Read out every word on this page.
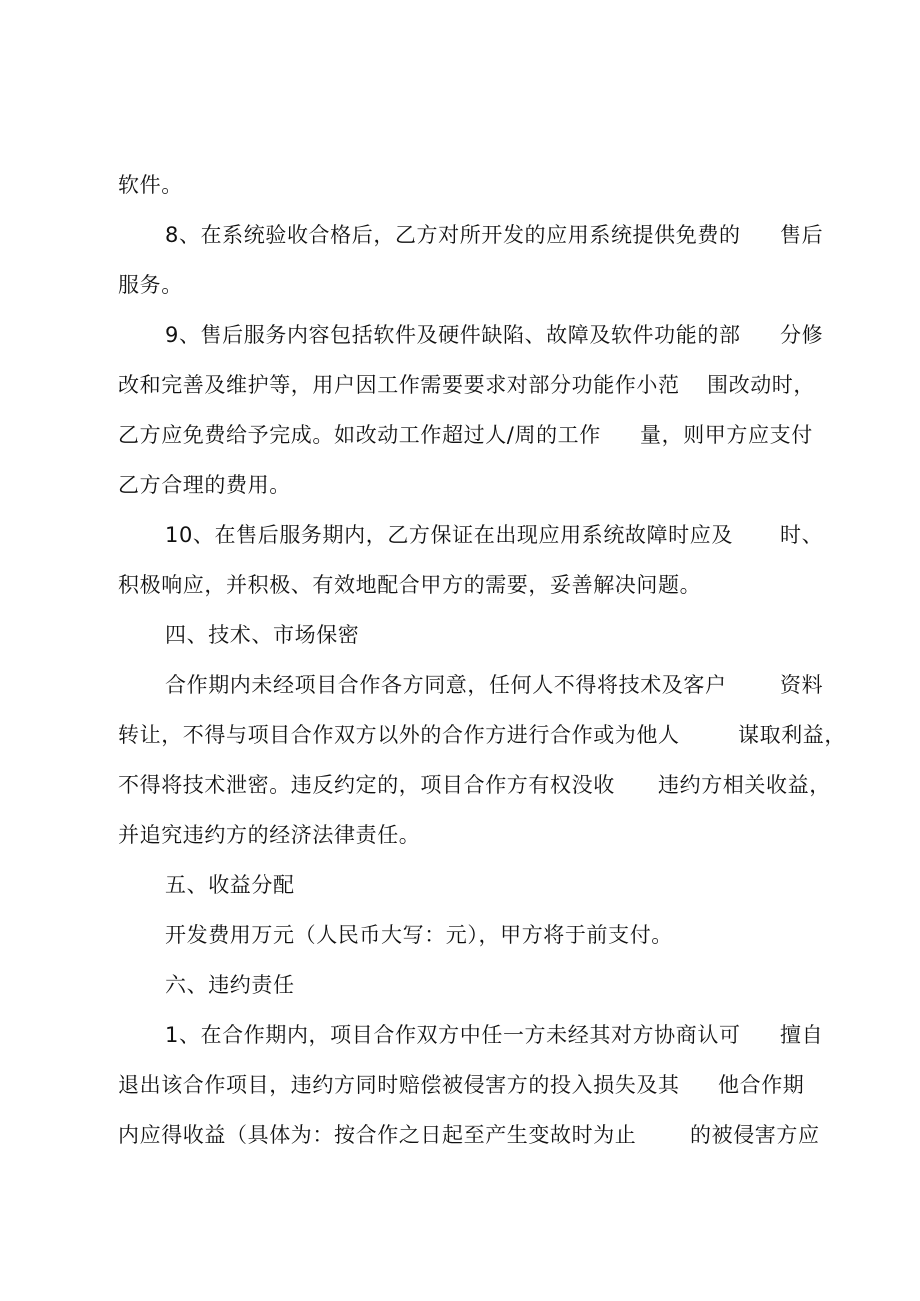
软件。

8、在系统验收合格后，乙方对所开发的应用系统提供免费的

售后

服务。

9、售后服务内容包括软件及硬件缺陷、故障及软件功能的部

分修

改和完善及维护等，用户因工作需要要求对部分功能作小范

围改动时，

乙方应免费给予完成。如改动工作超过人/周的工作

量，则甲方应支付

乙方合理的费用。

10、在售后服务期内，乙方保证在出现应用系统故障时应及

时、

积极响应，并积极、有效地配合甲方的需要，妥善解决问题。

四、技术、市场保密

合作期内未经项目合作各方同意，任何人不得将技术及客户

	资料

转让，不得与项目合作双方以外的合作方进行合作或为他人

	谋取利益，

不得将技术泄密。违反约定的，项目合作方有权没收

违约方相关收益，

并追究违约方的经济法律责任。

五、收益分配

开发费用万元（人民币大写：元），甲方将于前支付。

六、违约责任

1、在合作期内，项目合作双方中任一方未经其对方协商认可

擅自

退出该合作项目，违约方同时赔偿被侵害方的投入损失及其

他合作期

内应得收益（具体为：按合作之日起至产生变故时为止

	的被侵害方应
